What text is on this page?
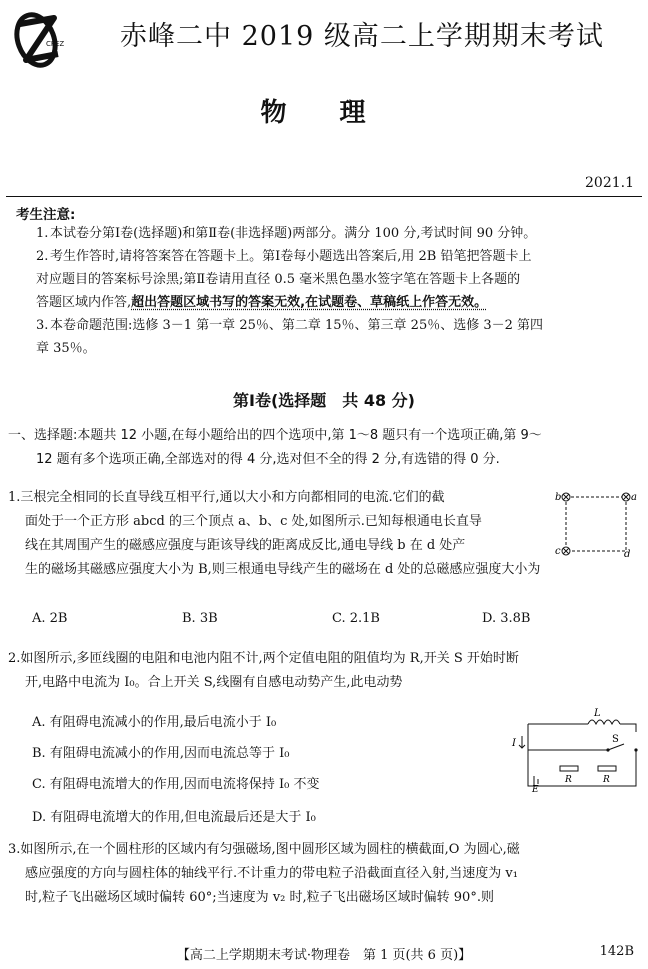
CFEZ 赤峰二中 2019 级高二上学期期末考试
物 理
2021.1
考生注意:

1. 本试卷分第Ⅰ卷(选择题)和第Ⅱ卷(非选择题)两部分。满分 100 分,考试时间 90 分钟。

2. 考生作答时,请将答案答在答题卡上。第Ⅰ卷每小题选出答案后,用 2B 铅笔把答题卡上

对应题目的答案标号涂黑;第Ⅱ卷请用直径 0.5 毫米黑色墨水签字笔在答题卡上各题的

答题区域内作答,超出答题区域书写的答案无效,在试题卷、草稿纸上作答无效。

3. 本卷命题范围:选修 3－1 第一章 25％、第二章 15％、第三章 25％、选修 3－2 第四

章 35％。

第Ⅰ卷(选择题　共 48 分)
一、选择题:本题共 12 小题,在每小题给出的四个选项中,第 1～8 题只有一个选项正确,第 9～
12 题有多个选项正确,全部选对的得 4 分,选对但不全的得 2 分,有选错的得 0 分.

1.三根完全相同的长直导线互相平行,通以大小和方向都相同的电流.它们的截

面处于一个正方形 abcd 的三个顶点 a、b、c 处,如图所示.已知每根通电长直导

线在其周围产生的磁感应强度与距该导线的距离成反比,通电导线 b 在 d 处产

生的磁场其磁感应强度大小为 B,则三根通电导线产生的磁场在 d 处的总磁感应强度大小为

A. 2B	B. 3B	C. 2.1B	D. 3.8B
b	a
c	d

2.如图所示,多匝线圈的电阻和电池内阻不计,两个定值电阻的阻值均为 R,开关 S 开始时断

开,电路中电流为 I₀。合上开关 S,线圈有自感电动势产生,此电动势

A. 有阻碍电流减小的作用,最后电流小于 I₀
B. 有阻碍电流减小的作用,因而电流总等于 I₀
C. 有阻碍电流增大的作用,因而电流将保持 I₀ 不变
D. 有阻碍电流增大的作用,但电流最后还是大于 I₀
L
S
I
E
R	R

3.如图所示,在一个圆柱形的区域内有匀强磁场,图中圆形区域为圆柱的横截面,O 为圆心,磁

感应强度的方向与圆柱体的轴线平行.不计重力的带电粒子沿截面直径入射,当速度为 v₁

时,粒子飞出磁场区域时偏转 60°;当速度为 v₂ 时,粒子飞出磁场区域时偏转 90°.则

【高二上学期期末考试·物理卷　第 1 页(共 6 页)】	142B
